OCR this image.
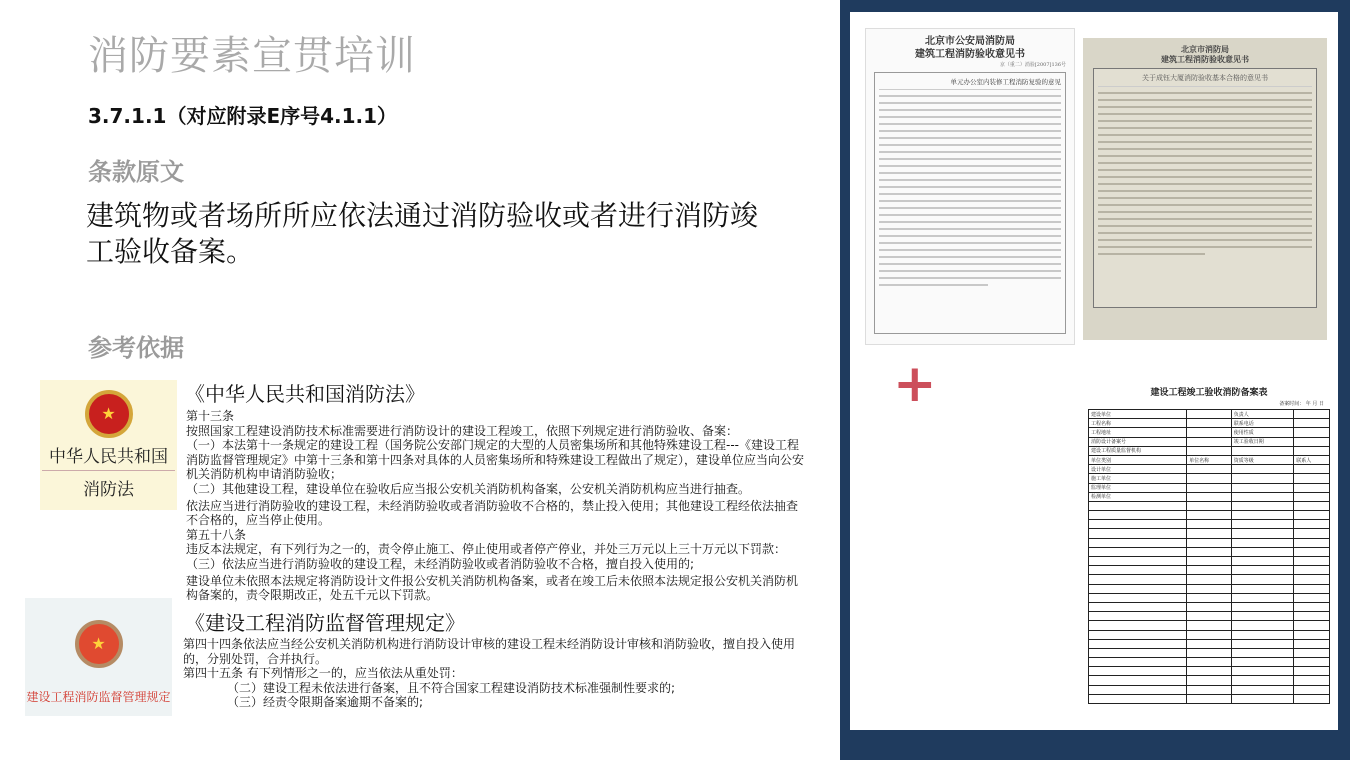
消防要素宣贯培训
3.7.1.1（对应附录E序号4.1.1）
条款原文
建筑物或者场所所应依法通过消防验收或者进行消防竣工验收备案。
参考依据
★
中华人民共和国
消防法
《中华人民共和国消防法》

第十三条

按照国家工程建设消防技术标准需要进行消防设计的建设工程竣工，依照下列规定进行消防验收、备案：

（一）本法第十一条规定的建设工程（国务院公安部门规定的大型的人员密集场所和其他特殊建设工程---《建设工程消防监督管理规定》中第十三条和第十四条对具体的人员密集场所和特殊建设工程做出了规定），建设单位应当向公安机关消防机构申请消防验收；

（二）其他建设工程，建设单位在验收后应当报公安机关消防机构备案，公安机关消防机构应当进行抽查。

依法应当进行消防验收的建设工程，未经消防验收或者消防验收不合格的，禁止投入使用；其他建设工程经依法抽查不合格的，应当停止使用。

第五十八条

违反本法规定，有下列行为之一的，责令停止施工、停止使用或者停产停业，并处三万元以上三十万元以下罚款：

（三）依法应当进行消防验收的建设工程，未经消防验收或者消防验收不合格，擅自投入使用的;

建设单位未依照本法规定将消防设计文件报公安机关消防机构备案，或者在竣工后未依照本法规定报公安机关消防机构备案的，责令限期改正，处五千元以下罚款。

★
建设工程消防监督管理规定
《建设工程消防监督管理规定》

第四十四条依法应当经公安机关消防机构进行消防设计审核的建设工程未经消防设计审核和消防验收，擅自投入使用的，分别处罚，合并执行。

第四十五条 有下列情形之一的，应当依法从重处罚：

（二）建设工程未依法进行备案，且不符合国家工程建设消防技术标准强制性要求的;

（三）经责令限期备案逾期不备案的;

北京市公安局消防局
建筑工程消防验收意见书
京（重二）消验[2007]136号
单元办公室内装修工程消防复验的意见
北京市消防局
建筑工程消防验收意见书
关于成钰大厦消防验收基本合格的意见书
+	建设工程竣工验收消防备案表
备案时间： 年 月 日
建设单位		负责人	
工程名称		联系电话	
工程地址		使用性质	
消防设计备案号		竣工验收日期	
建设工程质量监督机构			
单位类别	单位名称	资质等级	联系人
设计单位			
施工单位			
监理单位			
检测单位			
